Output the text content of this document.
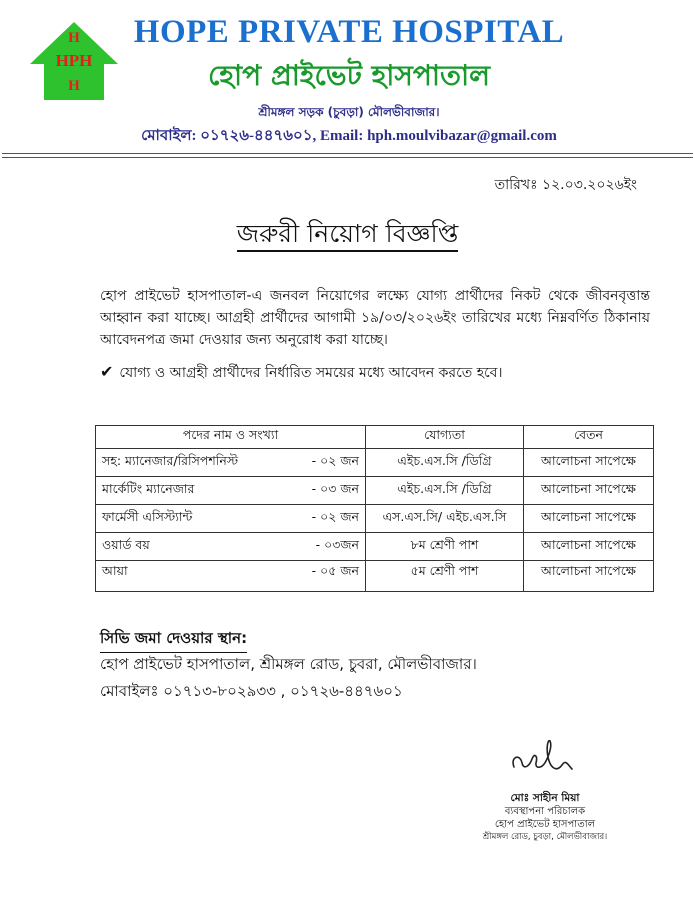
H
HPH
H
HOPE PRIVATE HOSPITAL
হোপ প্রাইভেট হাসপাতাল
শ্রীমঙ্গল সড়ক (চুবড়া) মৌলভীবাজার।
মোবাইল: ০১৭২৬-৪৪৭৬০১, Email: hph.moulvibazar@gmail.com
তারিখঃ ১২.০৩.২০২৬ইং
জরুরী নিয়োগ বিজ্ঞপ্তি
হোপ প্রাইভেট হাসপাতাল-এ জনবল নিয়োগের লক্ষ্যে যোগ্য প্রার্থীদের নিকট থেকে জীবনবৃত্তান্ত আহ্বান করা যাচ্ছে। আগ্রহী প্রার্থীদের আগামী ১৯/০৩/২০২৬ইং তারিখের মধ্যে নিম্নবর্ণিত ঠিকানায় আবেদনপত্র জমা দেওয়ার জন্য অনুরোধ করা যাচ্ছে।
✔ যোগ্য ও আগ্রহী প্রার্থীদের নির্ধারিত সময়ের মধ্যে আবেদন করতে হবে।
পদের নাম ও সংখ্যা	যোগ্যতা	বেতন

সহ: ম্যানেজার/রিসিপশনিস্ট - ০২ জন	এইচ.এস.সি /ডিগ্রি	আলোচনা সাপেক্ষে

মার্কেটিং ম্যানেজার - ০৩ জন	এইচ.এস.সি /ডিগ্রি	আলোচনা সাপেক্ষে

ফার্মেসী এসিস্ট্যান্ট - ০২ জন	এস.এস.সি/ এইচ.এস.সি	আলোচনা সাপেক্ষে

ওয়ার্ড বয় - ০৩জন	৮ম শ্রেণী পাশ	আলোচনা সাপেক্ষে

আয়া - ০৫ জন	৫ম শ্রেণী পাশ	আলোচনা সাপেক্ষে
সিভি জমা দেওয়ার স্থান:
হোপ প্রাইভেট হাসপাতাল, শ্রীমঙ্গল রোড, চুবরা, মৌলভীবাজার।
মোবাইলঃ ০১৭১৩-৮০২৯৩৩ , ০১৭২৬-৪৪৭৬০১
মোঃ সাহীন মিয়া
ব্যবস্থাপনা পরিচালক
হোপ প্রাইভেট হাসপাতাল
শ্রীমঙ্গল রোড, চুবড়া, মৌলভীবাজার।
